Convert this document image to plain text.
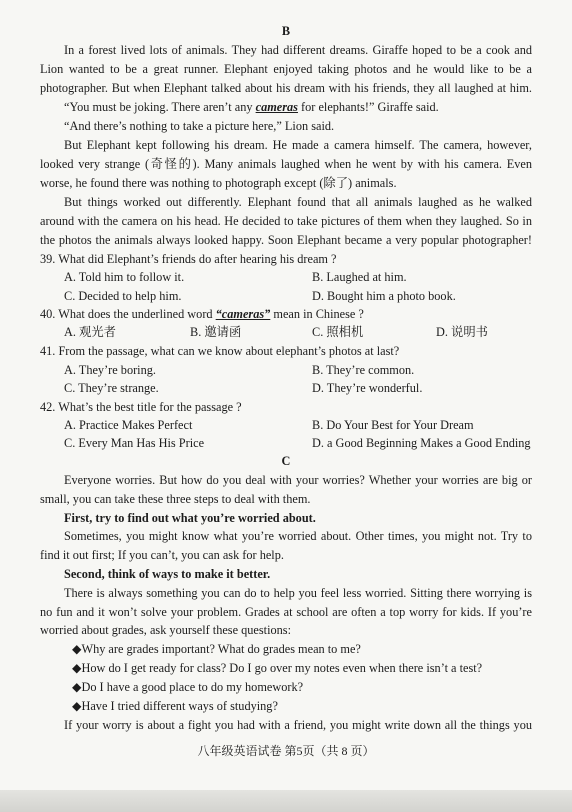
B
In a forest lived lots of animals. They had different dreams. Giraffe hoped to be a cook and
Lion wanted to be a great runner. Elephant enjoyed taking photos and he would like to be a
photographer. But when Elephant talked about his dream with his friends, they all laughed at him.
“You must be joking. There aren’t any cameras for elephants!” Giraffe said.
“And there’s nothing to take a picture here,” Lion said.
But Elephant kept following his dream. He made a camera himself. The camera, however,
looked very strange (奇怪的). Many animals laughed when he went by with his camera. Even
worse, he found there was nothing to photograph except (除了) animals.
But things worked out differently. Elephant found that all animals laughed as he walked
around with the camera on his head. He decided to take pictures of them when they laughed. So in
the photos the animals always looked happy. Soon Elephant became a very popular photographer!
39. What did Elephant’s friends do after hearing his dream ?
A. Told him to follow it.	B. Laughed at him.
C. Decided to help him.	D. Bought him a photo book.
40. What does the underlined word “cameras” mean in Chinese ?
A. 观光者	B. 邀请函	C. 照相机	D. 说明书
41. From the passage, what can we know about elephant’s photos at last?
A. They’re boring.	B. They’re common.
C. They’re strange.	D. They’re wonderful.
42. What’s the best title for the passage ?
A. Practice Makes Perfect	B. Do Your Best for Your Dream
C. Every Man Has His Price	D. a Good Beginning Makes a Good Ending
C
Everyone worries. But how do you deal with your worries? Whether your worries are big or
small, you can take these three steps to deal with them.
First, try to find out what you’re worried about.
Sometimes, you might know what you’re worried about. Other times, you might not. Try to
find it out first; If you can’t, you can ask for help.
Second, think of ways to make it better.
There is always something you can do to help you feel less worried. Sitting there worrying is
no fun and it won’t solve your problem. Grades at school are often a top worry for kids. If you’re
worried about grades, ask yourself these questions:
◆Why are grades important? What do grades mean to me?
◆How do I get ready for class? Do I go over my notes even when there isn’t a test?
◆Do I have a good place to do my homework?
◆Have I tried different ways of studying?
If your worry is about a fight you had with a friend, you might write down all the things you
八年级英语试卷 第5页（共 8 页）
